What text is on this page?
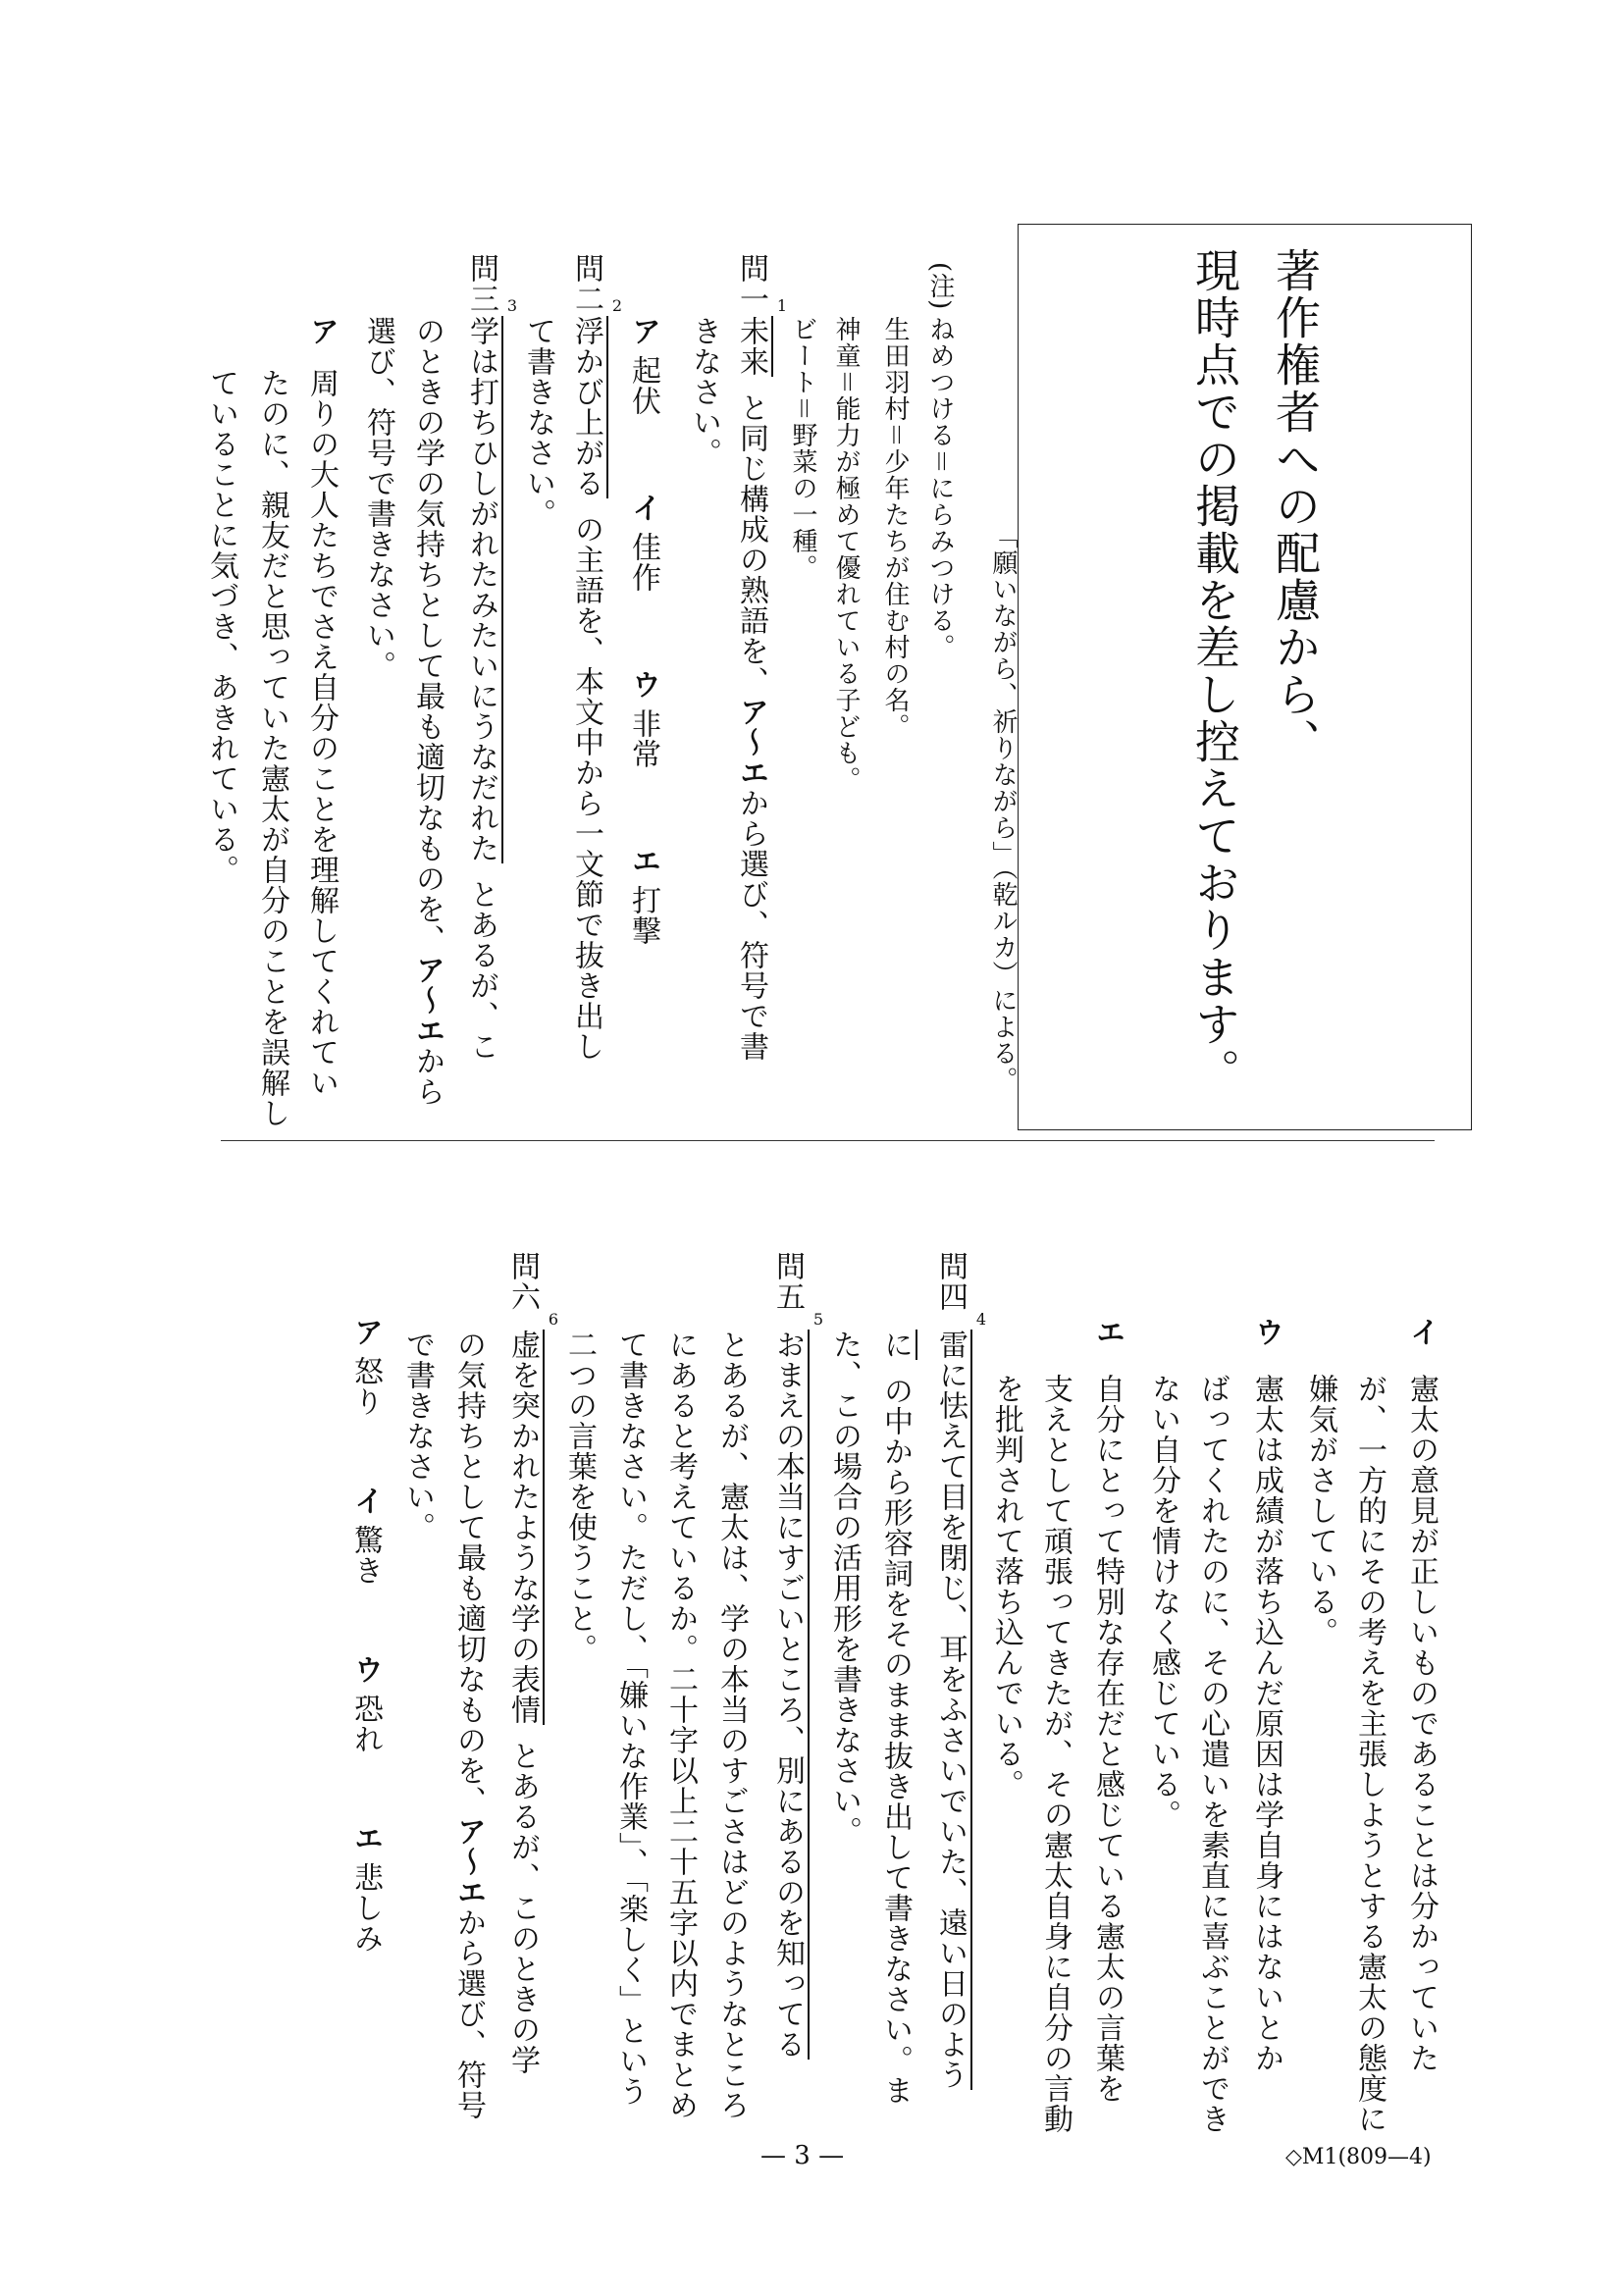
著作権者への配慮から、
現時点での掲載を差し控えております。
「願いながら、祈りながら」（乾ルカ）による。
(注)ねめつける＝にらみつける。
生田羽村＝少年たちが住む村の名。
神童＝能力が極めて優れている子ども。
ビート＝野菜の一種。
問一 1
未来と同じ構成の熟語を、ア～エから選び、符号で書
きなさい。
ア起伏イ佳作ウ非常エ打撃
問二 2
浮かび上がるの主語を、本文中から一文節で抜き出し
て書きなさい。
問三 3
学は打ちひしがれたみたいにうなだれたとあるが、こ
のときの学の気持ちとして最も適切なものを、ア～エから
選び、符号で書きなさい。
ア周りの大人たちでさえ自分のことを理解してくれてい
たのに、親友だと思っていた憲太が自分のことを誤解し
ていることに気づき、あきれている。
イ憲太の意見が正しいものであることは分かっていた
が、一方的にその考えを主張しようとする憲太の態度に
嫌気がさしている。
ウ憲太は成績が落ち込んだ原因は学自身にはないとか
ばってくれたのに、その心遣いを素直に喜ぶことができ
ない自分を情けなく感じている。
エ自分にとって特別な存在だと感じている憲太の言葉を
支えとして頑張ってきたが、その憲太自身に自分の言動
を批判されて落ち込んでいる。
問四
4
雷に怯えて目を閉じ、耳をふさいでいた、遠い日のよう
にの中から形容詞をそのまま抜き出して書きなさい。ま
た、この場合の活用形を書きなさい。
問五
5
おまえの本当にすごいところ、別にあるのを知ってる
とあるが、憲太は、学の本当のすごさはどのようなところ
にあると考えているか。二十字以上二十五字以内でまとめ
て書きなさい。ただし、「嫌いな作業」、「楽しく」という
二つの言葉を使うこと。
問六
6
虚を突かれたような学の表情とあるが、このときの学
の気持ちとして最も適切なものを、ア～エから選び、符号
で書きなさい。
ア怒りイ驚きウ恐れエ悲しみ
— 3 —	◇M1(809—4)
